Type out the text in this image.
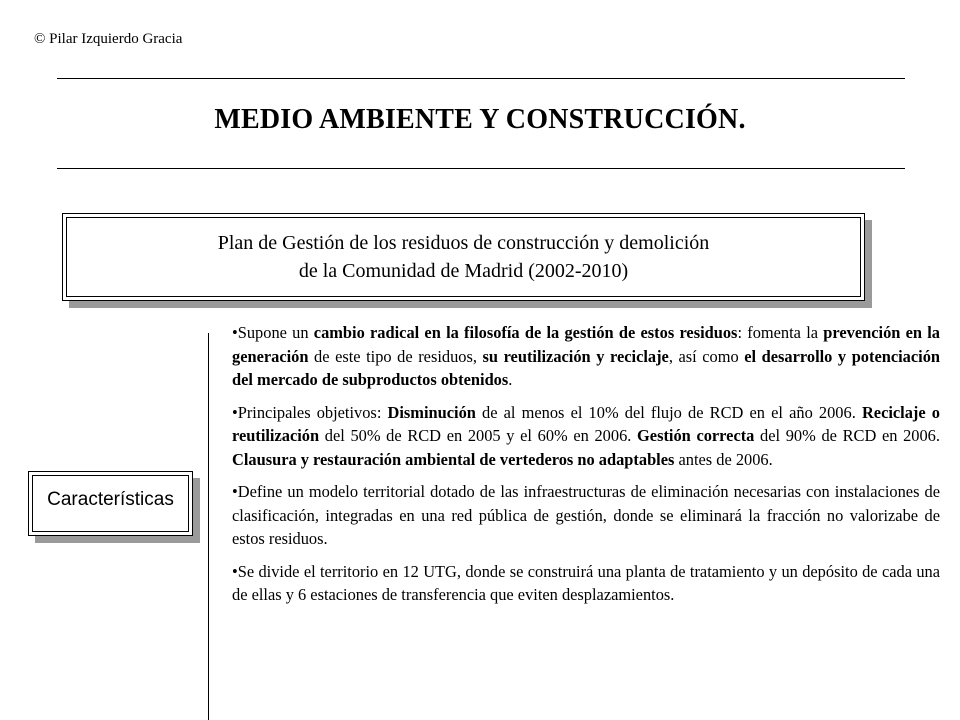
© Pilar Izquierdo Gracia
MEDIO AMBIENTE Y CONSTRUCCIÓN.
Plan de Gestión de los residuos de construcción y demolición
de la Comunidad de Madrid (2002-2010)
Características

•Supone un cambio radical en la filosofía de la gestión de estos residuos: fomenta la prevención en la generación de este tipo de residuos, su reutilización y reciclaje, así como el desarrollo y potenciación del mercado de subproductos obtenidos.

•Principales objetivos: Disminución de al menos el 10% del flujo de RCD en el año 2006. Reciclaje o reutilización del 50% de RCD en 2005 y el 60% en 2006. Gestión correcta del 90% de RCD en 2006. Clausura y restauración ambiental de vertederos no adaptables antes de 2006.

•Define un modelo territorial dotado de las infraestructuras de eliminación necesarias con instalaciones de clasificación, integradas en una red pública de gestión, donde se eliminará la fracción no valorizabe de estos residuos.

•Se divide el territorio en 12 UTG, donde se construirá una planta de tratamiento y un depósito de cada una de ellas y 6 estaciones de transferencia que eviten desplazamientos.
